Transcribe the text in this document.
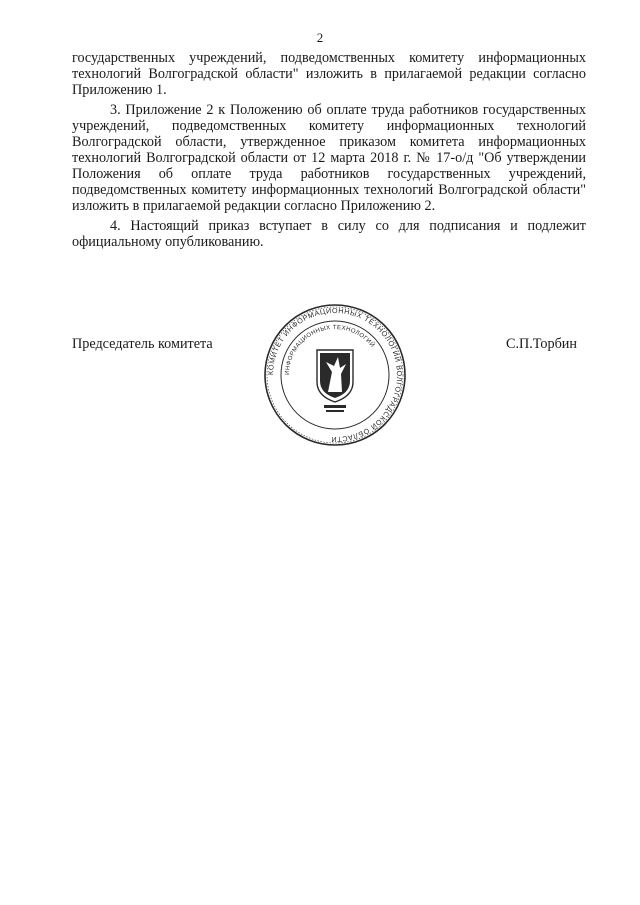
2

государственных учреждений, подведомственных комитету информационных технологий Волгоградской области" изложить в прилагаемой редакции согласно Приложению 1.

3. Приложение 2 к Положению об оплате труда работников государственных учреждений, подведомственных комитету информационных технологий Волгоградской области, утвержденное приказом комитета информационных технологий Волгоградской области от 12 марта 2018 г. № 17-о/д "Об утверждении Положения об оплате труда работников государственных учреждений, подведомственных комитету информационных технологий Волгоградской области" изложить в прилагаемой редакции согласно Приложению 2.

4. Настоящий приказ вступает в силу со для подписания и подлежит официальному опубликованию.

Председатель комитета
КОМИТЕТ ИНФОРМАЦИОННЫХ ТЕХНОЛОГИЙ ВОЛГОГРАДСКОЙ ОБЛАСТИ
ИНФОРМАЦИОННЫХ ТЕХНОЛОГИЙ	С.П.Торбин
